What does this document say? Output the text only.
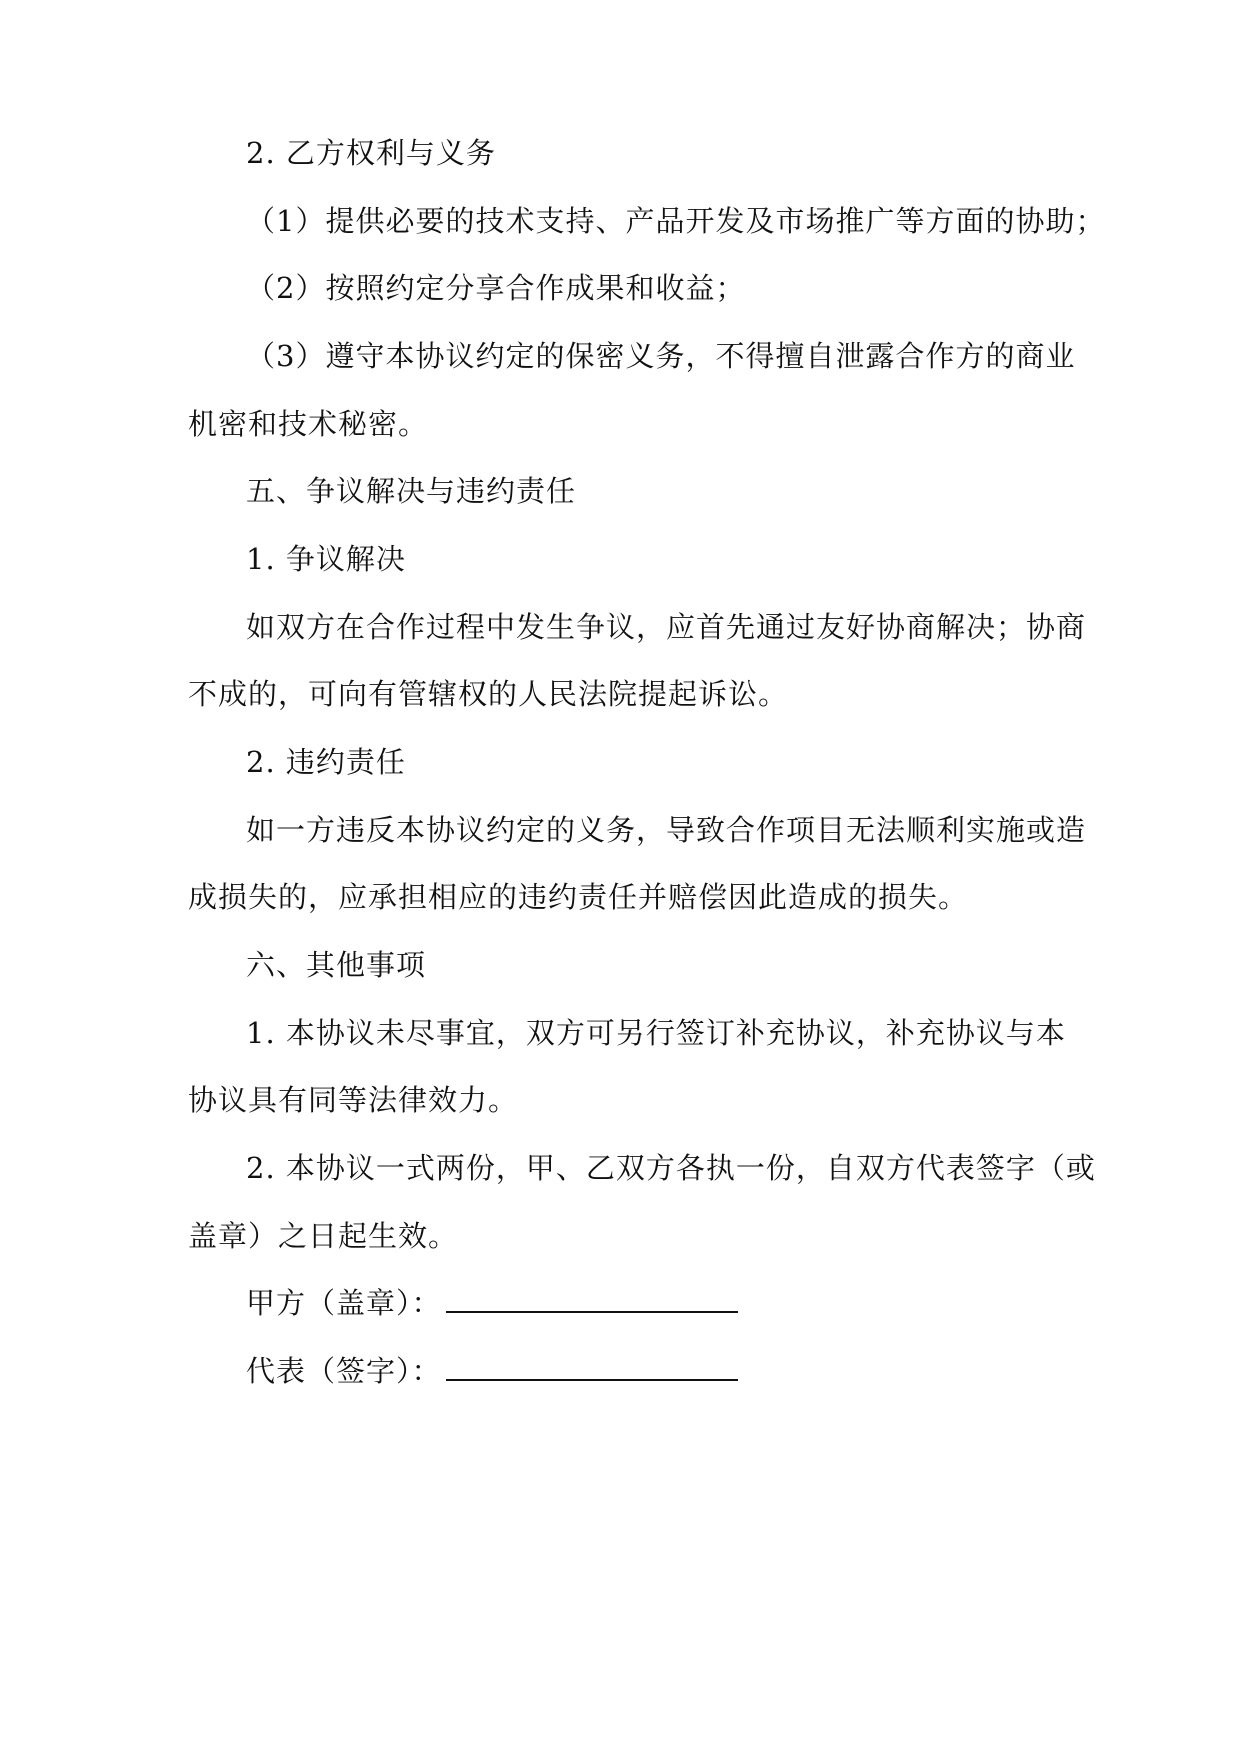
2. 乙方权利与义务
（1）提供必要的技术支持、产品开发及市场推广等方面的协助；
（2）按照约定分享合作成果和收益；
（3）遵守本协议约定的保密义务，不得擅自泄露合作方的商业
机密和技术秘密。
五、争议解决与违约责任
1. 争议解决
如双方在合作过程中发生争议，应首先通过友好协商解决；协商
不成的，可向有管辖权的人民法院提起诉讼。
2. 违约责任
如一方违反本协议约定的义务，导致合作项目无法顺利实施或造
成损失的，应承担相应的违约责任并赔偿因此造成的损失。
六、其他事项
1. 本协议未尽事宜，双方可另行签订补充协议，补充协议与本
协议具有同等法律效力。
2. 本协议一式两份，甲、乙双方各执一份，自双方代表签字（或
盖章）之日起生效。
甲方（盖章）：
代表（签字）：
